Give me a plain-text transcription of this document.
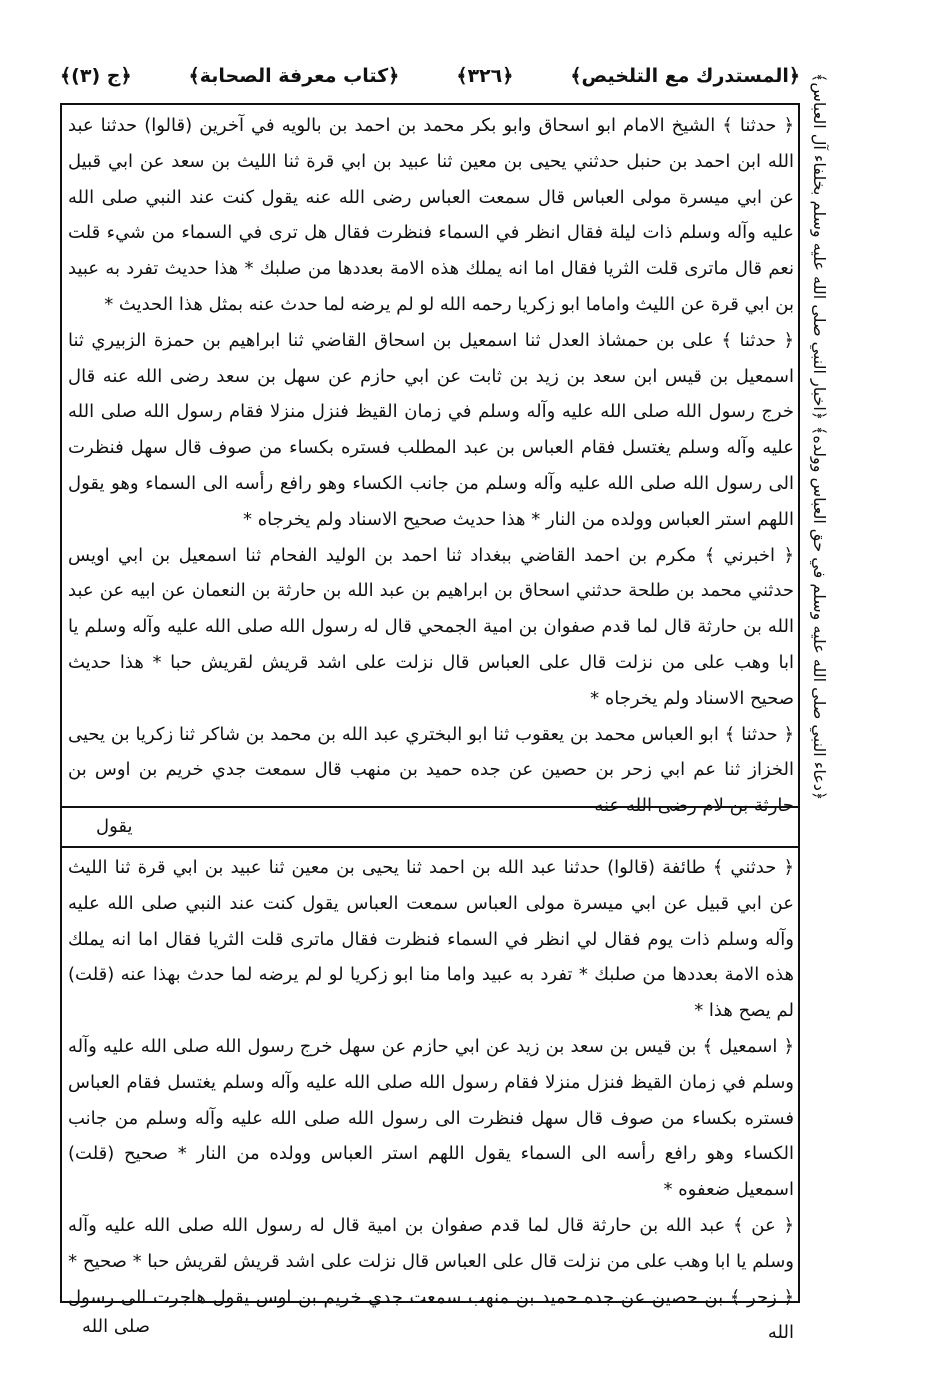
﴿المستدرك مع التلخيص﴾
﴿٣٢٦﴾
﴿كتاب معرفة الصحابة﴾
﴿ج (٣)﴾	﴿اخبار النبي صلى الله عليه وسلم بخلفاء آل العباس﴾
﴿دعاء النبي صلى الله عليه وسلم في حق العباس وولده﴾

﴿ حدثنا ﴾ الشيخ الامام ابو اسحاق وابو بكر محمد بن احمد بن بالويه في آخرين (قالوا) حدثنا عبد الله ابن احمد بن حنبل حدثني يحيى بن معين ثنا عبيد بن ابي قرة ثنا الليث بن سعد عن ابي قبيل عن ابي ميسرة مولى العباس قال سمعت العباس رضى الله عنه يقول كنت عند النبي صلى الله عليه وآله وسلم ذات ليلة فقال انظر في السماء فنظرت فقال هل ترى في السماء من شيء قلت نعم قال ماترى قلت الثريا فقال اما انه يملك هذه الامة بعددها من صلبك * هذا حديث تفرد به عبيد بن ابي قرة عن الليث واماما ابو زكريا رحمه الله لو لم يرضه لما حدث عنه بمثل هذا الحديث *

﴿ حدثنا ﴾ على بن حمشاذ العدل ثنا اسمعيل بن اسحاق القاضي ثنا ابراهيم بن حمزة الزبيري ثنا اسمعيل بن قيس ابن سعد بن زيد بن ثابت عن ابي حازم عن سهل بن سعد رضى الله عنه قال خرج رسول الله صلى الله عليه وآله وسلم في زمان القيظ فنزل منزلا فقام رسول الله صلى الله عليه وآله وسلم يغتسل فقام العباس بن عبد المطلب فستره بكساء من صوف قال سهل فنظرت الى رسول الله صلى الله عليه وآله وسلم من جانب الكساء وهو رافع رأسه الى السماء وهو يقول اللهم استر العباس وولده من النار * هذا حديث صحيح الاسناد ولم يخرجاه *

﴿ اخبرني ﴾ مكرم بن احمد القاضي ببغداد ثنا احمد بن الوليد الفحام ثنا اسمعيل بن ابي اويس حدثني محمد بن طلحة حدثني اسحاق بن ابراهيم بن عبد الله بن حارثة بن النعمان عن ابيه عن عبد الله بن حارثة قال لما قدم صفوان بن امية الجمحي قال له رسول الله صلى الله عليه وآله وسلم يا ابا وهب على من نزلت قال على العباس قال نزلت على اشد قريش لقريش حبا * هذا حديث صحيح الاسناد ولم يخرجاه *

﴿ حدثنا ﴾ ابو العباس محمد بن يعقوب ثنا ابو البختري عبد الله بن محمد بن شاكر ثنا زكريا بن يحيى الخزاز ثنا عم ابي زحر بن حصين عن جده حميد بن منهب قال سمعت جدي خريم بن اوس بن حارثة بن لام رضى الله عنه

يقول

﴿ حدثني ﴾ طائفة (قالوا) حدثنا عبد الله بن احمد ثنا يحيى بن معين ثنا عبيد بن ابي قرة ثنا الليث عن ابي قبيل عن ابي ميسرة مولى العباس سمعت العباس يقول كنت عند النبي صلى الله عليه وآله وسلم ذات يوم فقال لي انظر في السماء فنظرت فقال ماترى قلت الثريا فقال اما انه يملك هذه الامة بعددها من صلبك * تفرد به عبيد واما منا ابو زكريا لو لم يرضه لما حدث بهذا عنه (قلت) لم يصح هذا *

﴿ اسمعيل ﴾ بن قيس بن سعد بن زيد عن ابي حازم عن سهل خرج رسول الله صلى الله عليه وآله وسلم في زمان القيظ فنزل منزلا فقام رسول الله صلى الله عليه وآله وسلم يغتسل فقام العباس فستره بكساء من صوف قال سهل فنظرت الى رسول الله صلى الله عليه وآله وسلم من جانب الكساء وهو رافع رأسه الى السماء يقول اللهم استر العباس وولده من النار * صحيح (قلت) اسمعيل ضعفوه *

﴿ عن ﴾ عبد الله بن حارثة قال لما قدم صفوان بن امية قال له رسول الله صلى الله عليه وآله وسلم يا ابا وهب على من نزلت قال على العباس قال نزلت على اشد قريش لقريش حبا * صحيح *

﴿ زحر ﴾ بن حصين عن جده حميد بن منهب سمعت جدي خريم بن اوس يقول هاجرت الى رسول الله

صلى الله
